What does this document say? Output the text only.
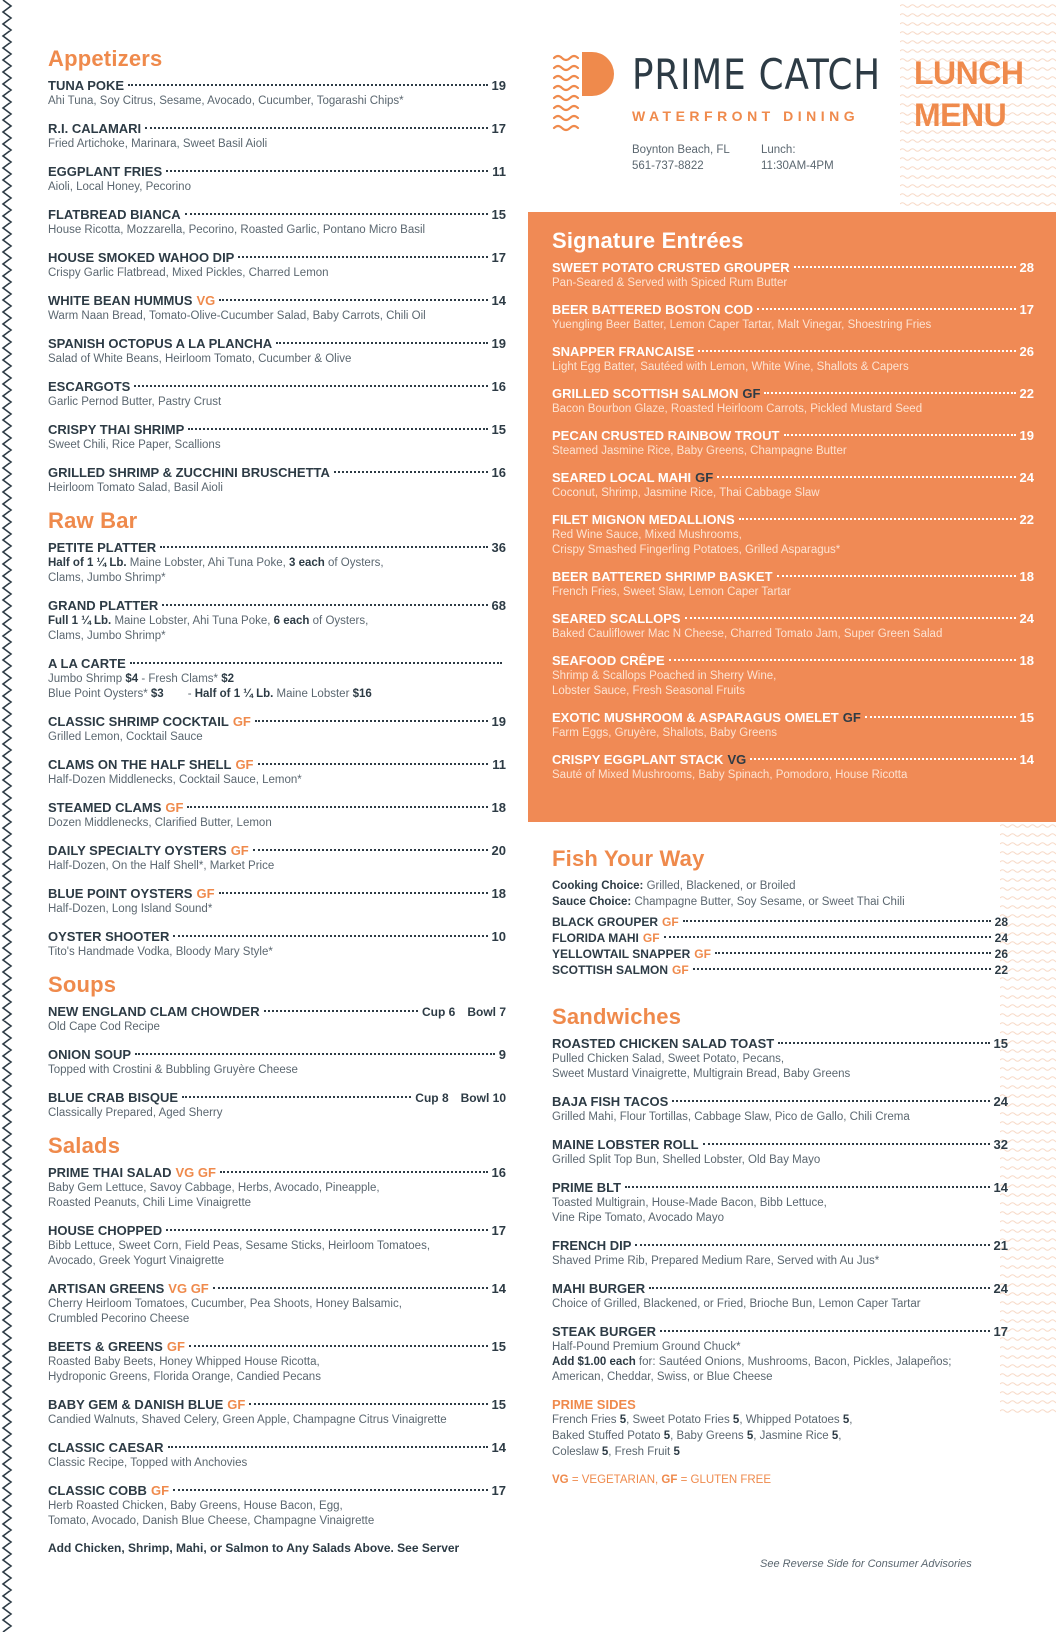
Appetizers
TUNA POKE	19
Ahi Tuna, Soy Citrus, Sesame, Avocado, Cucumber, Togarashi Chips*
R.I. CALAMARI	17
Fried Artichoke, Marinara, Sweet Basil Aioli
EGGPLANT FRIES	11
Aioli, Local Honey, Pecorino
FLATBREAD BIANCA	15
House Ricotta, Mozzarella, Pecorino, Roasted Garlic, Pontano Micro Basil
HOUSE SMOKED WAHOO DIP	17
Crispy Garlic Flatbread, Mixed Pickles, Charred Lemon
WHITE BEAN HUMMUS VG	14
Warm Naan Bread, Tomato-Olive-Cucumber Salad, Baby Carrots, Chili Oil
SPANISH OCTOPUS A LA PLANCHA	19
Salad of White Beans, Heirloom Tomato, Cucumber & Olive
ESCARGOTS	16
Garlic Pernod Butter, Pastry Crust
CRISPY THAI SHRIMP	15
Sweet Chili, Rice Paper, Scallions
GRILLED SHRIMP & ZUCCHINI BRUSCHETTA	16
Heirloom Tomato Salad, Basil Aioli
Raw Bar
PETITE PLATTER	36
Half of 1 ¼ Lb. Maine Lobster, Ahi Tuna Poke, 3 each of Oysters,
Clams, Jumbo Shrimp*
GRAND PLATTER	68
Full 1 ¼ Lb. Maine Lobster, Ahi Tuna Poke, 6 each of Oysters,
Clams, Jumbo Shrimp*
A LA CARTE
Jumbo Shrimp $4 - Fresh Clams* $2
Blue Point Oysters* $3 - Half of 1 ¼ Lb. Maine Lobster $16
CLASSIC SHRIMP COCKTAIL GF	19
Grilled Lemon, Cocktail Sauce
CLAMS ON THE HALF SHELL GF	11
Half-Dozen Middlenecks, Cocktail Sauce, Lemon*
STEAMED CLAMS GF	18
Dozen Middlenecks, Clarified Butter, Lemon
DAILY SPECIALTY OYSTERS GF	20
Half-Dozen, On the Half Shell*, Market Price
BLUE POINT OYSTERS GF	18
Half-Dozen, Long Island Sound*
OYSTER SHOOTER	10
Tito's Handmade Vodka, Bloody Mary Style*
Soups
NEW ENGLAND CLAM CHOWDER	Cup 6 Bowl 7
Old Cape Cod Recipe
ONION SOUP	9
Topped with Crostini & Bubbling Gruyère Cheese
BLUE CRAB BISQUE	Cup 8 Bowl 10
Classically Prepared, Aged Sherry
Salads
PRIME THAI SALAD VG GF	16
Baby Gem Lettuce, Savoy Cabbage, Herbs, Avocado, Pineapple,
Roasted Peanuts, Chili Lime Vinaigrette
HOUSE CHOPPED	17
Bibb Lettuce, Sweet Corn, Field Peas, Sesame Sticks, Heirloom Tomatoes,
Avocado, Greek Yogurt Vinaigrette
ARTISAN GREENS VG GF	14
Cherry Heirloom Tomatoes, Cucumber, Pea Shoots, Honey Balsamic,
Crumbled Pecorino Cheese
BEETS & GREENS GF	15
Roasted Baby Beets, Honey Whipped House Ricotta,
Hydroponic Greens, Florida Orange, Candied Pecans
BABY GEM & DANISH BLUE GF	15
Candied Walnuts, Shaved Celery, Green Apple, Champagne Citrus Vinaigrette
CLASSIC CAESAR	14
Classic Recipe, Topped with Anchovies
CLASSIC COBB GF	17
Herb Roasted Chicken, Baby Greens, House Bacon, Egg,
Tomato, Avocado, Danish Blue Cheese, Champagne Vinaigrette
Add Chicken, Shrimp, Mahi, or Salmon to Any Salads Above. See Server
PRIME CATCH
WATERFRONT DINING
Boynton Beach, FL
561-737-8822
Lunch:
11:30AM-4PM
LUNCH
MENU
Signature Entrées
SWEET POTATO CRUSTED GROUPER	28
Pan-Seared & Served with Spiced Rum Butter
BEER BATTERED BOSTON COD	17
Yuengling Beer Batter, Lemon Caper Tartar, Malt Vinegar, Shoestring Fries
SNAPPER FRANCAISE	26
Light Egg Batter, Sautéed with Lemon, White Wine, Shallots & Capers
GRILLED SCOTTISH SALMON GF	22
Bacon Bourbon Glaze, Roasted Heirloom Carrots, Pickled Mustard Seed
PECAN CRUSTED RAINBOW TROUT	19
Steamed Jasmine Rice, Baby Greens, Champagne Butter
SEARED LOCAL MAHI GF	24
Coconut, Shrimp, Jasmine Rice, Thai Cabbage Slaw
FILET MIGNON MEDALLIONS	22
Red Wine Sauce, Mixed Mushrooms,
Crispy Smashed Fingerling Potatoes, Grilled Asparagus*
BEER BATTERED SHRIMP BASKET	18
French Fries, Sweet Slaw, Lemon Caper Tartar
SEARED SCALLOPS	24
Baked Cauliflower Mac N Cheese, Charred Tomato Jam, Super Green Salad
SEAFOOD CRÊPE	18
Shrimp & Scallops Poached in Sherry Wine,
Lobster Sauce, Fresh Seasonal Fruits
EXOTIC MUSHROOM & ASPARAGUS OMELET GF	15
Farm Eggs, Gruyère, Shallots, Baby Greens
CRISPY EGGPLANT STACK VG	14
Sauté of Mixed Mushrooms, Baby Spinach, Pomodoro, House Ricotta
Fish Your Way
Cooking Choice: Grilled, Blackened, or Broiled
Sauce Choice: Champagne Butter, Soy Sesame, or Sweet Thai Chili
BLACK GROUPER GF	28
FLORIDA MAHI GF	24
YELLOWTAIL SNAPPER GF	26
SCOTTISH SALMON GF	22
Sandwiches
ROASTED CHICKEN SALAD TOAST	15
Pulled Chicken Salad, Sweet Potato, Pecans,
Sweet Mustard Vinaigrette, Multigrain Bread, Baby Greens
BAJA FISH TACOS	24
Grilled Mahi, Flour Tortillas, Cabbage Slaw, Pico de Gallo, Chili Crema
MAINE LOBSTER ROLL	32
Grilled Split Top Bun, Shelled Lobster, Old Bay Mayo
PRIME BLT	14
Toasted Multigrain, House-Made Bacon, Bibb Lettuce,
Vine Ripe Tomato, Avocado Mayo
FRENCH DIP	21
Shaved Prime Rib, Prepared Medium Rare, Served with Au Jus*
MAHI BURGER	24
Choice of Grilled, Blackened, or Fried, Brioche Bun, Lemon Caper Tartar
STEAK BURGER	17
Half-Pound Premium Ground Chuck*
Add $1.00 each for: Sautéed Onions, Mushrooms, Bacon, Pickles, Jalapeños;
American, Cheddar, Swiss, or Blue Cheese
PRIME SIDES
French Fries 5, Sweet Potato Fries 5, Whipped Potatoes 5,
Baked Stuffed Potato 5, Baby Greens 5, Jasmine Rice 5,
Coleslaw 5, Fresh Fruit 5
VG = VEGETARIAN, GF = GLUTEN FREE
See Reverse Side for Consumer Advisories
